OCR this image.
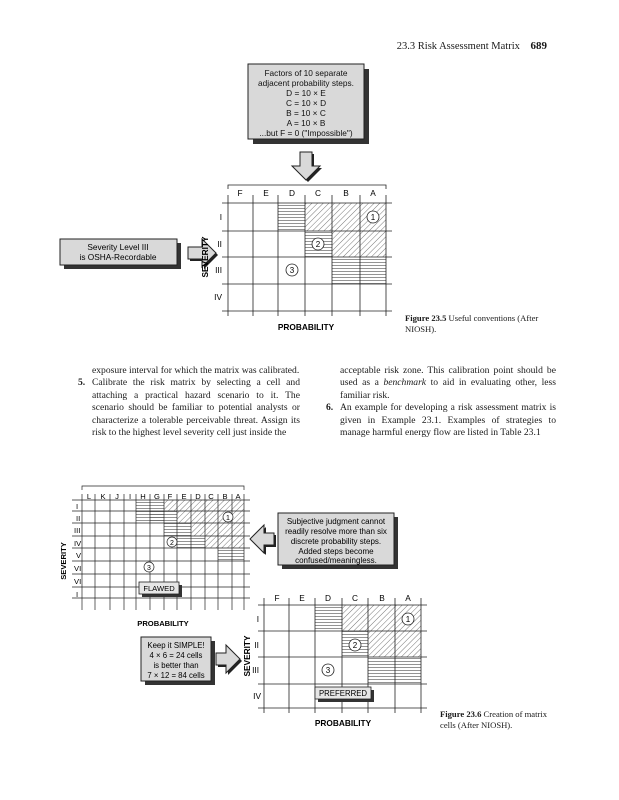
23.3 Risk Assessment Matrix 689
Factors of 10 separate
adjacent probability steps.
D = 10 × E
C = 10 × D
B = 10 × C
A = 10 × B
...but F = 0 ("Impossible")
Severity Level III
is OSHA-Recordable
F E D C	B	A
I
II
III
IV
SEVERITY
PROBABILITY
1
2
3
L K J I H G F E D C B A
I
II
III
IV
V
VI
VI
I
SEVERITY
PROBABILITY
1
2
3
FLAWED
Subjective judgment cannot
readily resolve more than six
discrete probability steps.
Added steps become
confused/meaningless.
Keep it SIMPLE!
4 × 6 = 24 cells
is better than
7 × 12 = 84 cells
F E D	C	B A
I
II
III
IV
SEVERITY
PROBABILITY
1
2
3
PREFERRED
Figure 23.5 Useful conventions (After NIOSH).

exposure interval for which the matrix was calibrated.

5. Calibrate the risk matrix by selecting a cell and attaching a practical hazard scenario to it. The scenario should be familiar to potential analysts or characterize a tolerable perceivable threat. Assign its risk to the highest level severity cell just inside the

acceptable risk zone. This calibration point should be used as a benchmark to aid in evaluating other, less familiar risk.

6. An example for developing a risk assessment matrix is given in Example 23.1. Examples of strategies to manage harmful energy flow are listed in Table 23.1
Figure 23.6 Creation of matrix cells (After NIOSH).
